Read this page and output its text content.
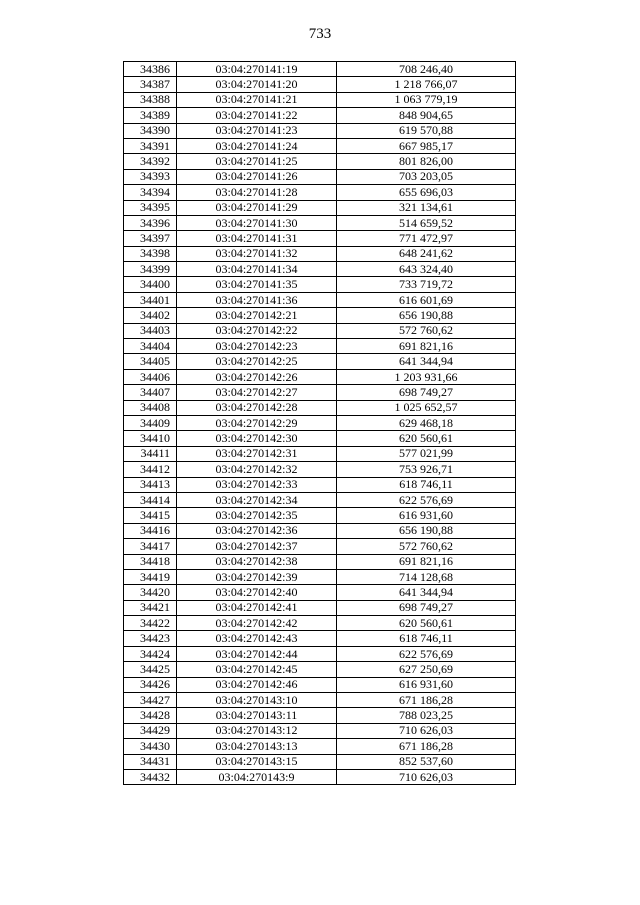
733
34386	03:04:270141:19	708 246,40
34387	03:04:270141:20	1 218 766,07
34388	03:04:270141:21	1 063 779,19
34389	03:04:270141:22	848 904,65
34390	03:04:270141:23	619 570,88
34391	03:04:270141:24	667 985,17
34392	03:04:270141:25	801 826,00
34393	03:04:270141:26	703 203,05
34394	03:04:270141:28	655 696,03
34395	03:04:270141:29	321 134,61
34396	03:04:270141:30	514 659,52
34397	03:04:270141:31	771 472,97
34398	03:04:270141:32	648 241,62
34399	03:04:270141:34	643 324,40
34400	03:04:270141:35	733 719,72
34401	03:04:270141:36	616 601,69
34402	03:04:270142:21	656 190,88
34403	03:04:270142:22	572 760,62
34404	03:04:270142:23	691 821,16
34405	03:04:270142:25	641 344,94
34406	03:04:270142:26	1 203 931,66
34407	03:04:270142:27	698 749,27
34408	03:04:270142:28	1 025 652,57
34409	03:04:270142:29	629 468,18
34410	03:04:270142:30	620 560,61
34411	03:04:270142:31	577 021,99
34412	03:04:270142:32	753 926,71
34413	03:04:270142:33	618 746,11
34414	03:04:270142:34	622 576,69
34415	03:04:270142:35	616 931,60
34416	03:04:270142:36	656 190,88
34417	03:04:270142:37	572 760,62
34418	03:04:270142:38	691 821,16
34419	03:04:270142:39	714 128,68
34420	03:04:270142:40	641 344,94
34421	03:04:270142:41	698 749,27
34422	03:04:270142:42	620 560,61
34423	03:04:270142:43	618 746,11
34424	03:04:270142:44	622 576,69
34425	03:04:270142:45	627 250,69
34426	03:04:270142:46	616 931,60
34427	03:04:270143:10	671 186,28
34428	03:04:270143:11	788 023,25
34429	03:04:270143:12	710 626,03
34430	03:04:270143:13	671 186,28
34431	03:04:270143:15	852 537,60
34432	03:04:270143:9	710 626,03
